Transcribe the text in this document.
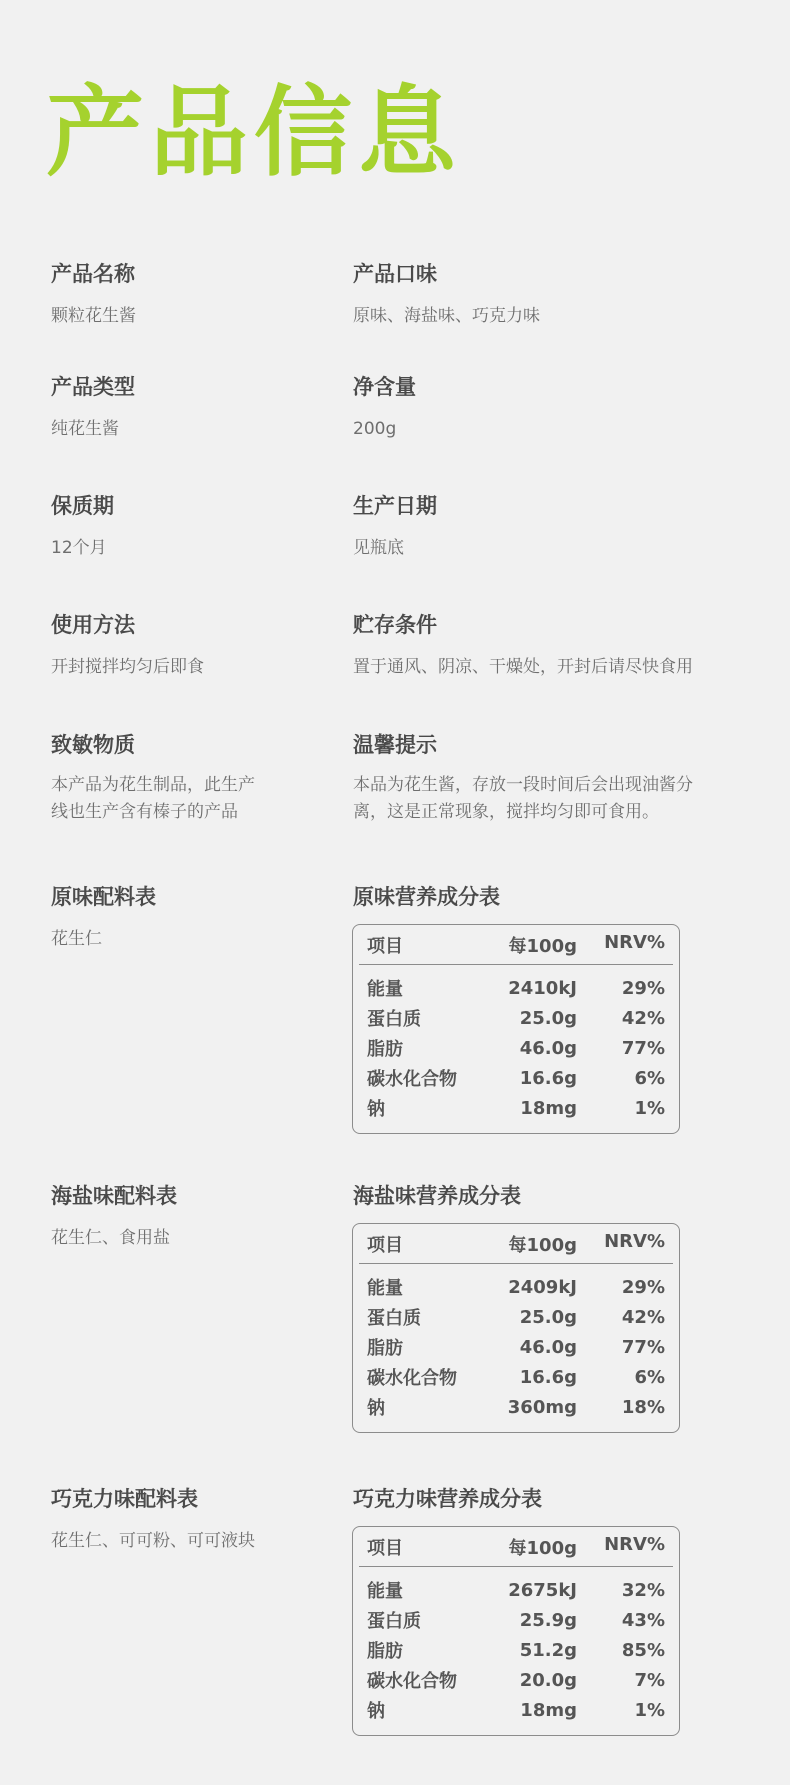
产品信息
产品名称
颗粒花生酱
产品口味
原味、海盐味、巧克力味
产品类型
纯花生酱
净含量
200g
保质期
12个月
生产日期
见瓶底
使用方法
开封搅拌均匀后即食
贮存条件
置于通风、阴凉、干燥处，开封后请尽快食用
致敏物质
本产品为花生制品，此生产
线也生产含有榛子的产品
温馨提示
本品为花生酱，存放一段时间后会出现油酱分
离，这是正常现象，搅拌均匀即可食用。
原味配料表
花生仁
原味营养成分表
项目	每100g	NRV%
能量	2410kJ	29%
蛋白质	25.0g	42%
脂肪	46.0g	77%
碳水化合物	16.6g	6%
钠	18mg	1%
海盐味配料表
花生仁、食用盐
海盐味营养成分表
项目	每100g	NRV%
能量	2409kJ	29%
蛋白质	25.0g	42%
脂肪	46.0g	77%
碳水化合物	16.6g	6%
钠	360mg	18%
巧克力味配料表
花生仁、可可粉、可可液块
巧克力味营养成分表
项目	每100g	NRV%
能量	2675kJ	32%
蛋白质	25.9g	43%
脂肪	51.2g	85%
碳水化合物	20.0g	7%
钠	18mg	1%
